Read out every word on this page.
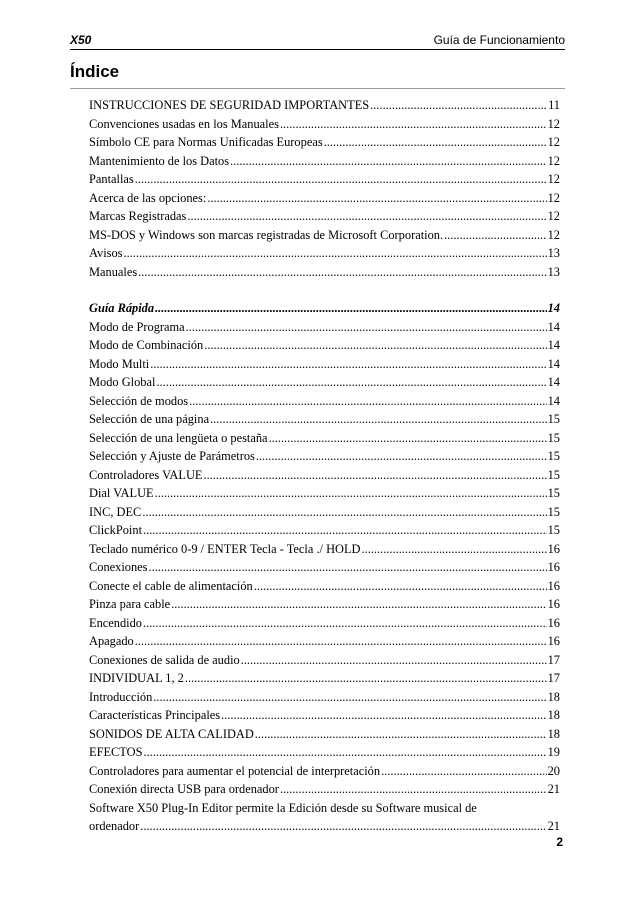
X50	Guía de Funcionamiento
Índice
INSTRUCCIONES DE SEGURIDAD IMPORTANTES .....	11
Convenciones usadas en los Manuales .....	12
Símbolo CE para Normas Unificadas Europeas .....	12
Mantenimiento de los Datos .....	12
Pantallas .....	12
Acerca de las opciones: .....	12
Marcas Registradas .....	12
MS-DOS y Windows son marcas registradas de Microsoft Corporation. .....	12
Avisos .....	13
Manuales .....	13
Guía Rápida .....	14
Modo de Programa .....	14
Modo de Combinación .....	14
Modo Multi .....	14
Modo Global .....	14
Selección de modos .....	14
Selección de una página .....	15
Selección de una lengüeta o pestaña .....	15
Selección y Ajuste de Parámetros .....	15
Controladores VALUE .....	15
Dial VALUE .....	15
INC, DEC .....	15
ClickPoint .....	15
Teclado numérico 0-9 / ENTER Tecla - Tecla ./ HOLD .....	16
Conexiones .....	16
Conecte el cable de alimentación .....	16
Pinza para cable .....	16
Encendido .....	16
Apagado .....	16
Conexiones de salida de audio .....	17
INDIVIDUAL 1, 2 .....	17
Introducción .....	18
Características Principales .....	18
SONIDOS DE ALTA CALIDAD .....	18
EFECTOS .....	19
Controladores para aumentar el potencial de interpretación .....	20
Conexión directa USB para ordenador .....	21
Software X50 Plug-In Editor permite la Edición desde su Software musical de
ordenador .....	21
2
